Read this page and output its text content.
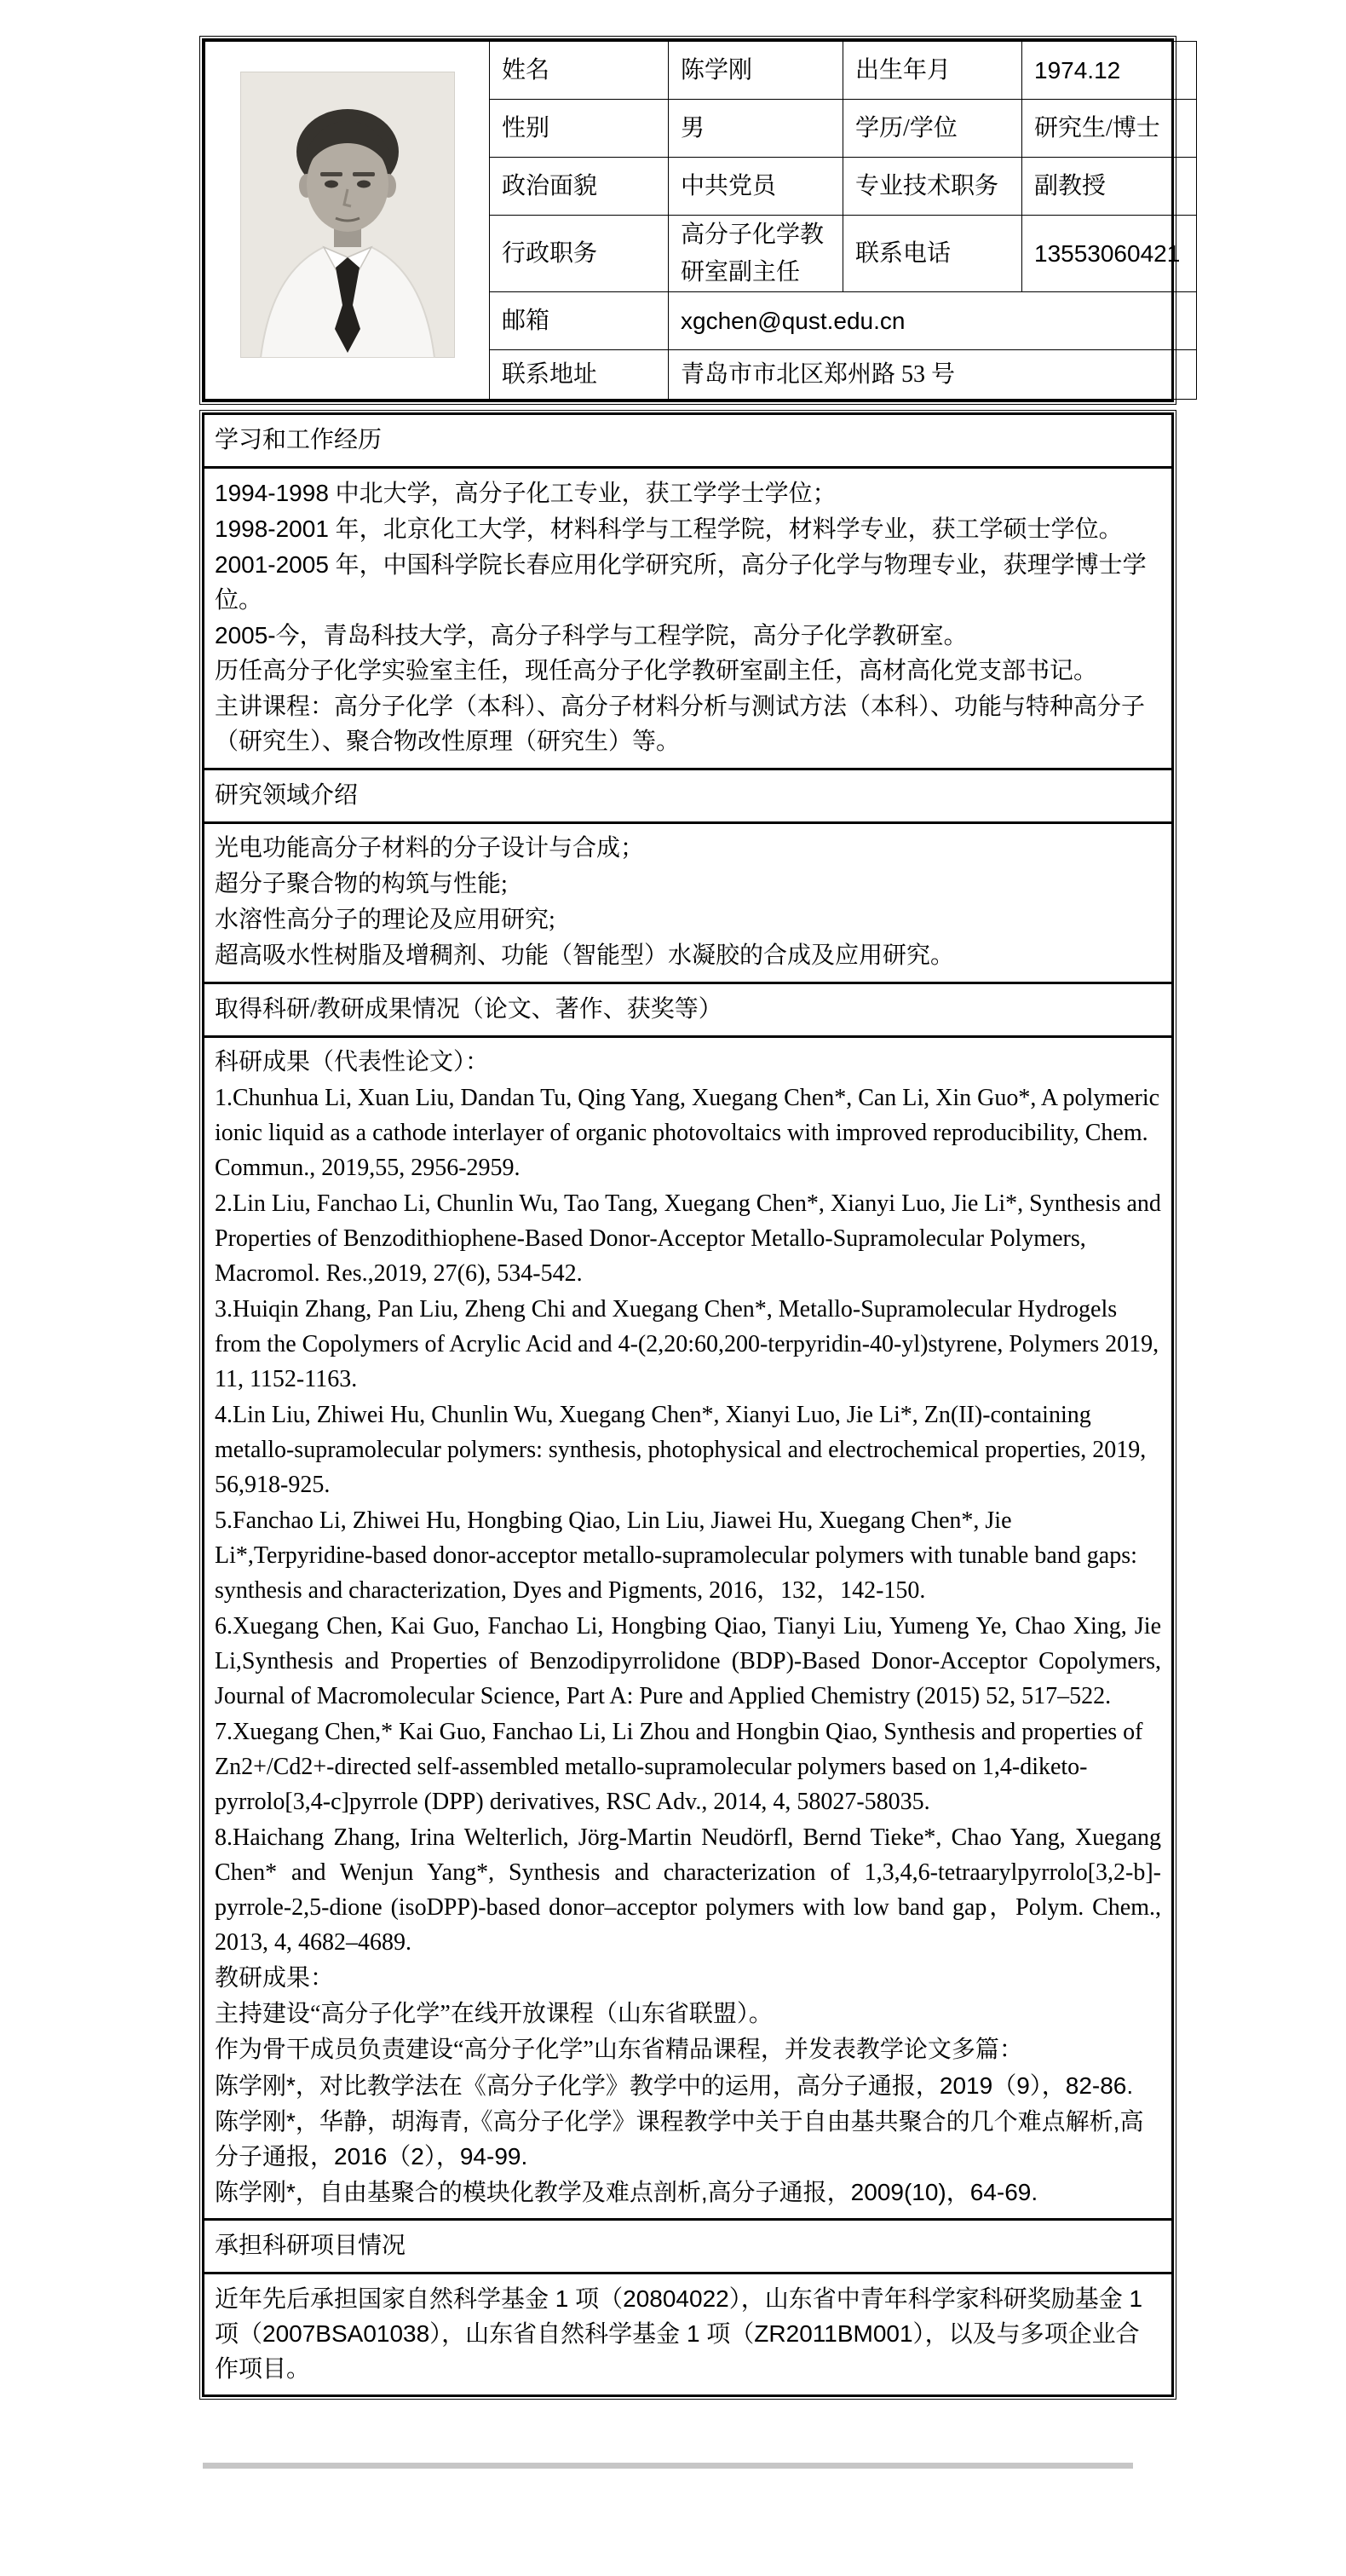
	姓名	陈学刚	出生年月	1974.12
	性别	男	学历/学位	研究生/博士
	政治面貌	中共党员	专业技术职务	副教授
	行政职务	高分子化学教研室副主任	联系电话	13553060421
	邮箱	xgchen@qust.edu.cn		
	联系地址	青岛市市北区郑州路 53 号		
学习和工作经历

1994-1998 中北大学，高分子化工专业，获工学学士学位；

1998-2001 年，北京化工大学，材料科学与工程学院，材料学专业，获工学硕士学位。

2001-2005 年，中国科学院长春应用化学研究所，高分子化学与物理专业，获理学博士学位。

2005-今，青岛科技大学，高分子科学与工程学院，高分子化学教研室。

历任高分子化学实验室主任，现任高分子化学教研室副主任，高材高化党支部书记。

主讲课程：高分子化学（本科）、高分子材料分析与测试方法（本科）、功能与特种高分子（研究生）、聚合物改性原理（研究生）等。

研究领域介绍

光电功能高分子材料的分子设计与合成；

超分子聚合物的构筑与性能;

水溶性高分子的理论及应用研究;

超高吸水性树脂及增稠剂、功能（智能型）水凝胶的合成及应用研究。

取得科研/教研成果情况（论文、著作、获奖等）

科研成果（代表性论文）：

1.Chunhua Li, Xuan Liu, Dandan Tu, Qing Yang, Xuegang Chen*, Can Li, Xin Guo*, A polymeric ionic liquid as a cathode interlayer of organic photovoltaics with improved reproducibility, Chem. Commun., 2019,55, 2956-2959.

2.Lin Liu, Fanchao Li, Chunlin Wu, Tao Tang, Xuegang Chen*, Xianyi Luo, Jie Li*, Synthesis and Properties of Benzodithiophene-Based Donor-Acceptor Metallo-Supramolecular Polymers, Macromol. Res.,2019, 27(6), 534-542.

3.Huiqin Zhang, Pan Liu, Zheng Chi and Xuegang Chen*, Metallo-Supramolecular Hydrogels from the Copolymers of Acrylic Acid and 4-(2,20:60,200-terpyridin-40-yl)styrene, Polymers 2019, 11, 1152-1163.

4.Lin Liu, Zhiwei Hu, Chunlin Wu, Xuegang Chen*, Xianyi Luo, Jie Li*, Zn(II)-containing metallo-supramolecular polymers: synthesis, photophysical and electrochemical properties, 2019, 56,918-925.

5.Fanchao Li, Zhiwei Hu, Hongbing Qiao, Lin Liu, Jiawei Hu, Xuegang Chen*, Jie Li*,Terpyridine-based donor-acceptor metallo-supramolecular polymers with tunable band gaps: synthesis and characterization, Dyes and Pigments, 2016，132，142-150.

6.Xuegang Chen, Kai Guo, Fanchao Li, Hongbing Qiao, Tianyi Liu, Yumeng Ye, Chao Xing, Jie Li,Synthesis and Properties of Benzodipyrrolidone (BDP)-Based Donor-Acceptor Copolymers, Journal of Macromolecular Science, Part A: Pure and Applied Chemistry (2015) 52, 517–522.

7.Xuegang Chen,* Kai Guo, Fanchao Li, Li Zhou and Hongbin Qiao, Synthesis and properties of Zn2+/Cd2+-directed self-assembled metallo-supramolecular polymers based on 1,4-diketo-pyrrolo[3,4-c]pyrrole (DPP) derivatives, RSC Adv., 2014, 4, 58027-58035.

8.Haichang Zhang, Irina Welterlich, Jörg-Martin Neudörfl, Bernd Tieke*, Chao Yang, Xuegang Chen* and Wenjun Yang*, Synthesis and characterization of 1,3,4,6-tetraarylpyrrolo[3,2-b]-pyrrole-2,5-dione (isoDPP)-based donor–acceptor polymers with low band gap，Polym. Chem., 2013, 4, 4682–4689.

教研成果：

主持建设“高分子化学”在线开放课程（山东省联盟）。

作为骨干成员负责建设“高分子化学”山东省精品课程，并发表教学论文多篇：

陈学刚*，对比教学法在《高分子化学》教学中的运用，高分子通报，2019（9），82-86.

陈学刚*，华静，胡海青,《高分子化学》课程教学中关于自由基共聚合的几个难点解析,高分子通报，2016（2），94-99.

陈学刚*，自由基聚合的模块化教学及难点剖析,高分子通报，2009(10)，64-69.

承担科研项目情况

近年先后承担国家自然科学基金 1 项（20804022），山东省中青年科学家科研奖励基金 1 项（2007BSA01038），山东省自然科学基金 1 项（ZR2011BM001），以及与多项企业合作项目。
